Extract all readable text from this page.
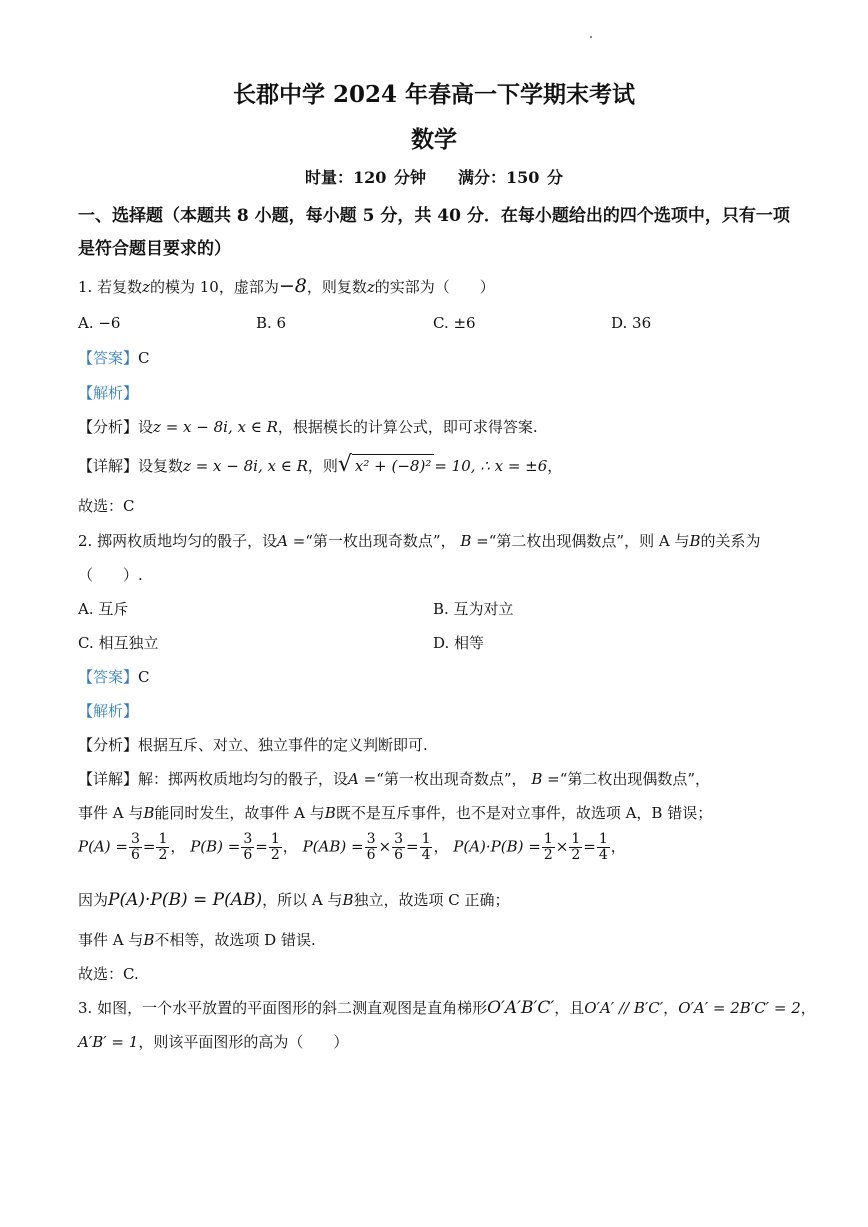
长郡中学 2024 年春高一下学期末考试
数学
时量：120 分钟   满分：150 分
一、选择题（本题共 8 小题，每小题 5 分，共 40 分．在每小题给出的四个选项中，只有一项
是符合题目要求的）
1. 若复数z的模为 10，虚部为−8，则复数z的实部为（　　）
A. −6	B. 6	C. ±6	D. 36
【答案】C
【解析】
【分析】设z = x − 8i, x ∈ R，根据模长的计算公式，即可求得答案.
【详解】设复数z = x − 8i, x ∈ R，则√ x² + (−8)² = 10, ∴ x = ±6，
故选：C
2. 掷两枚质地均匀的骰子，设A =“第一枚出现奇数点”， B =“第二枚出现偶数点”，则 A 与B的关系为
（　　）.
A. 互斥	B. 互为对立
C. 相互独立	D. 相等
【答案】C
【解析】
【分析】根据互斥、对立、独立事件的定义判断即可.
【详解】解：掷两枚质地均匀的骰子，设A =“第一枚出现奇数点”， B =“第二枚出现偶数点”，
事件 A 与B能同时发生，故事件 A 与B既不是互斥事件，也不是对立事件，故选项 A，B 错误；
$P(A) = \frac{3}{6} = \frac{1}{2}$ ， $P(B) = \frac{3}{6} = \frac{1}{2}$ ， $P(AB) = \frac{3}{6} \times \frac{3}{6} = \frac{1}{4}$ ， $P(A)\cdot P(B) = \frac{1}{2} \times \frac{1}{2} = \frac{1}{4}$ ，
因为P(A)·P(B) = P(AB)，所以 A 与B独立，故选项 C 正确；
事件 A 与B不相等，故选项 D 错误.
故选：C.
3. 如图，一个水平放置的平面图形的斜二测直观图是直角梯形O′A′B′C′，且O′A′ // B′C′，O′A′ = 2B′C′ = 2，
A′B′ = 1，则该平面图形的高为（　　）
